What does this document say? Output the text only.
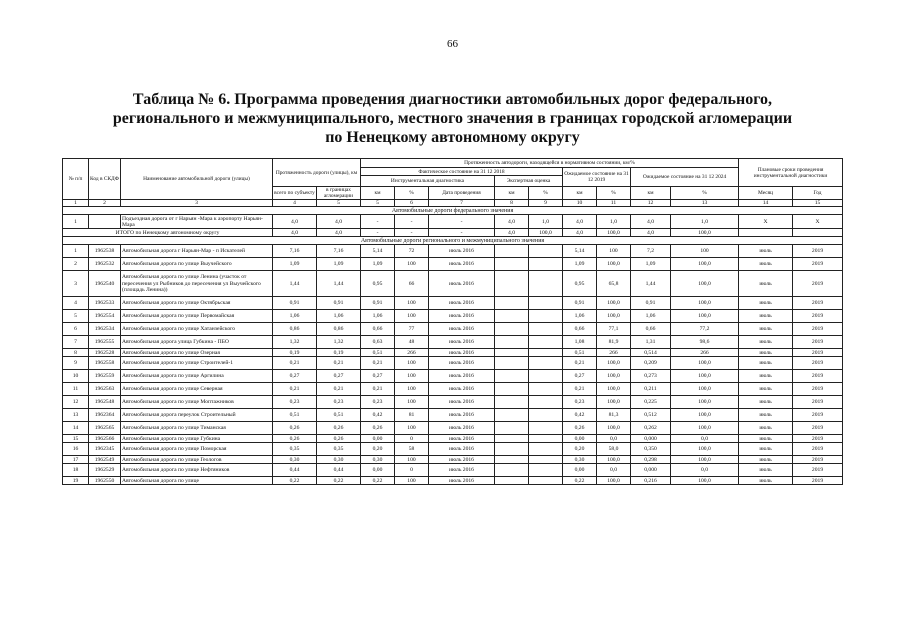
66
Таблица № 6. Программа проведения диагностики автомобильных дорог федерального,
регионального и межмуниципального, местного значения в границах городской агломерации
по Ненецкому автономному округу
№ п/п	Код в СКДФ	Наименование автомобильной дороги (улицы)	Протяженность дороги (улицы), км		Протяженность автодороги, находящейся в нормативном состоянии, км/%									Плановые сроки проведения инструментальной диагностики	
					Фактическое состояние на 31 12 2018					Ожидаемое состояние на 31 12 2019		Ожидаемое состояние на 31 12 2024			
					Инструментальная диагностика			Экспертная оценка							
			всего по субъекту	в границах агломерации	км	%	Дата проведения	км	%	км	%	км	%	Месяц	Год
1	2	3	4	5	5	6	7	8	9	10	11	12	13	14	15
Автомобильные дороги федерального значения															
1		Подъездная дорога от г Нарьян -Мара к аэропорту Нарьян-Мара	4,0	4,0	-	-	-	4,0	1,0	4,0	1,0	4,0	1,0	Х	Х
ИТОГО по Ненецкому автономному округу			4,0	4,0	-	-	-	4,0	100,0	4,0	100,0	4,0	100,0		
Автомобильные дороги регионального и межмуниципального значения															
1	1962538	Автомобильная дорога г Нарьян-Мар - п Искателей	7,16	7,16	5,14	72	июль 2016			5,14	100	7,2	100	июль	2019
2	1962532	Автомобильная дорога по улице Выучейского	1,09	1,09	1,09	100	июль 2016			1,09	100,0	1,09	100,0	июль	2019
3	1962540	Автомобильная дорога по улице Ленина (участок от пересечения ул Рыбников до пересечения ул Выучейского (площадь Ленина))	1,44	1,44	0,95	66	июль 2016			0,95	65,8	1,44	100,0	июль	2019
4	1962533	Автомобильная дорога по улице Октябрьская	0,91	0,91	0,91	100	июль 2016			0,91	100,0	0,91	100,0	июль	2019
5	1962554	Автомобильная дорога по улице Первомайская	1,06	1,06	1,06	100	июль 2016			1,06	100,0	1,06	100,0	июль	2019
6	1962534	Автомобильная дорога по улице Хатанзейского	0,86	0,86	0,66	77	июль 2016			0,66	77,1	0,66	77,2	июль	2019
7	1962555	Автомобильная дорога улица Губкина - ПБО	1,32	1,32	0,63	48	июль 2016			1,08	81,9	1,31	98,6	июль	2019
8	1962528	Автомобильная дорога по улице Озерная	0,19	0,19	0,51	266	июль 2016			0,51	266	0,514	266	июль	2019
9	1962558	Автомобильная дорога по улице Строителей-1	0,21	0,21	0,21	100	июль 2016			0,21	100,0	0,209	100,0	июль	2019
10	1962559	Автомобильная дорога по улице Аргилина	0,27	0,27	0,27	100	июль 2016			0,27	100,0	0,273	100,0	июль	2019
11	1962563	Автомобильная дорога по улице Северная	0,21	0,21	0,21	100	июль 2016			0,21	100,0	0,211	100,0	июль	2019
12	1962548	Автомобильная дорога по улице Моптажников	0,23	0,23	0,23	100	июль 2016			0,23	100,0	0,225	100,0	июль	2019
13	1962364	Автомобильная дорога переулок Строительный	0,51	0,51	0,42	81	июль 2016			0,42	81,3	0,512	100,0	июль	2019
14	1962565	Автомобильная дорога по улице Тиманская	0,26	0,26	0,26	100	июль 2016			0,26	100,0	0,262	100,0	июль	2019
15	1962566	Автомобильная дорога по улице Губкина	0,26	0,26	0,00	0	июль 2016			0,00	0,0	0,000	0,0	июль	2019
16	1962345	Автомобильная дорога по улице Поморская	0,35	0,35	0,20	58	июль 2016			0,20	58,0	0,350	100,0	июль	2019
17	1962549	Автомобильная дорога по улице Геологов	0,30	0,30	0,30	100	июль 2016			0,30	100,0	0,298	100,0	июль	2019
18	1962529	Автомобильная дорога по улице Нефтяников	0,44	0,44	0,00	0	июль 2016			0,00	0,0	0,000	0,0	июль	2019
19	1962550	Автомобильная дорога по улице	0,22	0,22	0,22	100	июль 2016			0,22	100,0	0,216	100,0	июль	2019
